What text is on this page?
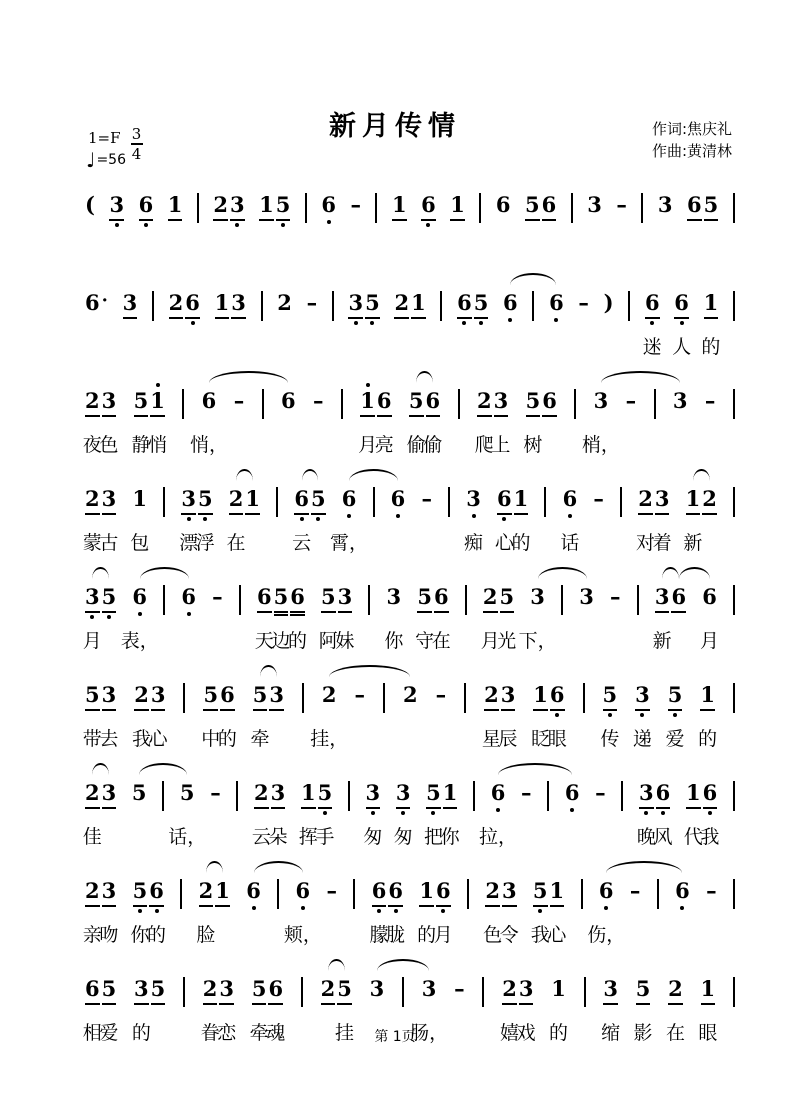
新月传情
$1=F \frac{3}{4}$
♩ =56
作词:焦庆礼
作曲:黄清林
( 3 6 1 2 3 1 5 6 – 1 6 1 6 5 6 3 – 3 6 5
6 · 3 2 6 1 3 2 – 3 5 2 1 6 5 6 6 – ) 6 6 1
迷 人 的
2 3 5 1 6 – 6 – 1 6 5 6 2 3 5 6 3 – 3 –
夜
色 静
悄 悄，	月
亮 偷
偷 爬
上 树 梢，
2 3 1 3 5 2 1 6 5 6 6 – 3 6 1 6 – 2 3 1 2
蒙
古 包 漂
浮 在 云 霄，	痴 心
的 话	对
着 新
3 5 6 6 – 6 5 6 5 3 3 5 6 2 5 3 3 – 3 6 6
月 表，	天
边
的 阿
妹 你 守
在 月
光 下，	新 月
5 3 2 3 5 6 5 3 2 – 2 – 2 3 1 6 5 3 5 1
带
去 我
心 中
的 牵 挂，	星
辰 眨
眼 传 递 爱 的
2 3 5 5 – 2 3 1 5 3 3 5 1 6 – 6 – 3 6 1 6
佳	话， 云
朵 挥
手 匆 匆 把
你 拉，	晚
风 代
我
2 3 5 6 2 1 6 6 – 6 6 1 6 2 3 5 1 6 – 6 –
亲
吻 你
的 脸	颊，	朦
胧 的
月 色
令 我
心 伤，
6 5 3 5 2 3 5 6 2 5 3 3 – 2 3 1 3 5 2 1
相
爱 的	眷
恋 牵
魂	挂	肠，	嬉
戏 的 缩 影 在 眼
第 1页
